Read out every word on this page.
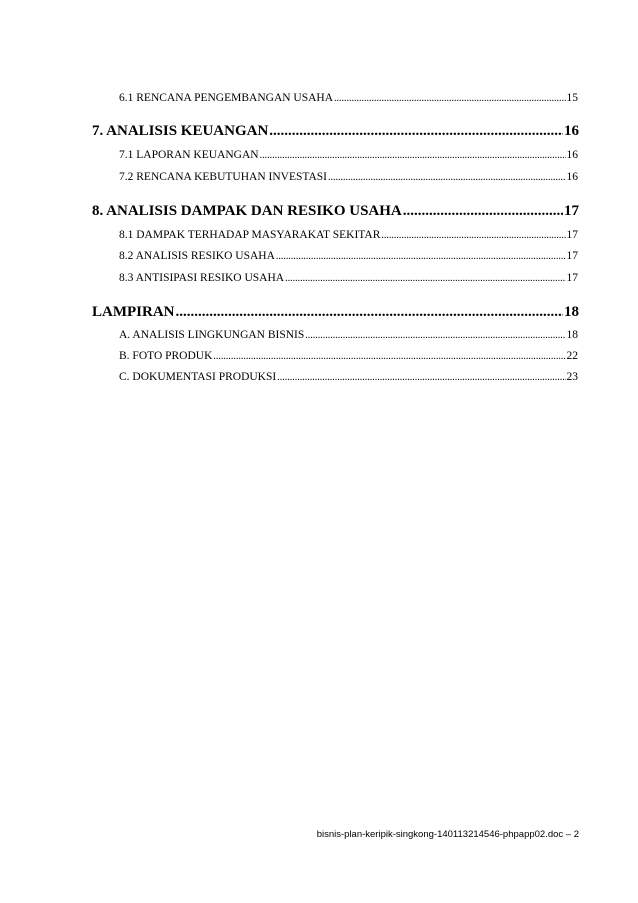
6.1 RENCANA PENGEMBANGAN USAHA .....	15
7. ANALISIS KEUANGAN .....	16
7.1 LAPORAN KEUANGAN .....	16
7.2 RENCANA KEBUTUHAN INVESTASI .....	16
8. ANALISIS DAMPAK DAN RESIKO USAHA .....	17
8.1 DAMPAK TERHADAP MASYARAKAT SEKITAR .....	17
8.2 ANALISIS RESIKO USAHA .....	17
8.3 ANTISIPASI RESIKO USAHA .....	17
LAMPIRAN .....	18
A. ANALISIS LINGKUNGAN BISNIS .....	18
B. FOTO PRODUK .....	22
C. DOKUMENTASI PRODUKSI .....	23
bisnis-plan-keripik-singkong-140113214546-phpapp02.doc – 2
